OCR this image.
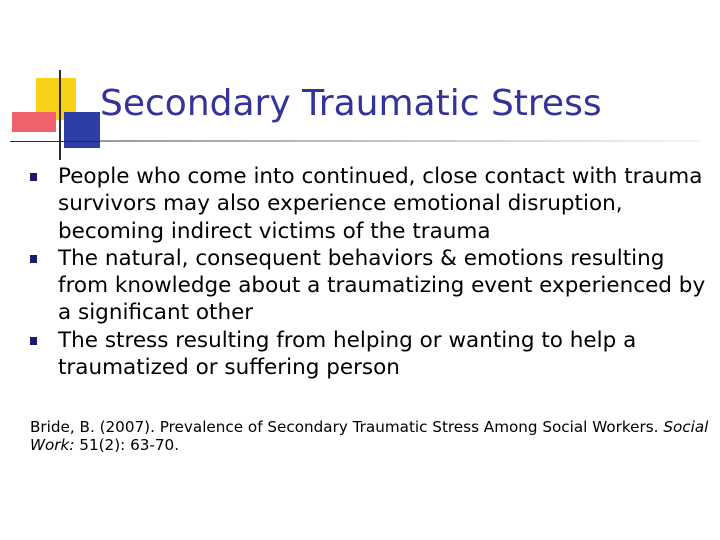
Secondary Traumatic Stress
People who come into continued, close contact with trauma survivors may also experience emotional disruption, becoming indirect victims of the trauma
The natural, consequent behaviors & emotions resulting from knowledge about a traumatizing event experienced by a significant other
The stress resulting from helping or wanting to help a traumatized or suffering person
Bride, B. (2007). Prevalence of Secondary Traumatic Stress Among Social Workers. Social Work: 51(2): 63-70.
